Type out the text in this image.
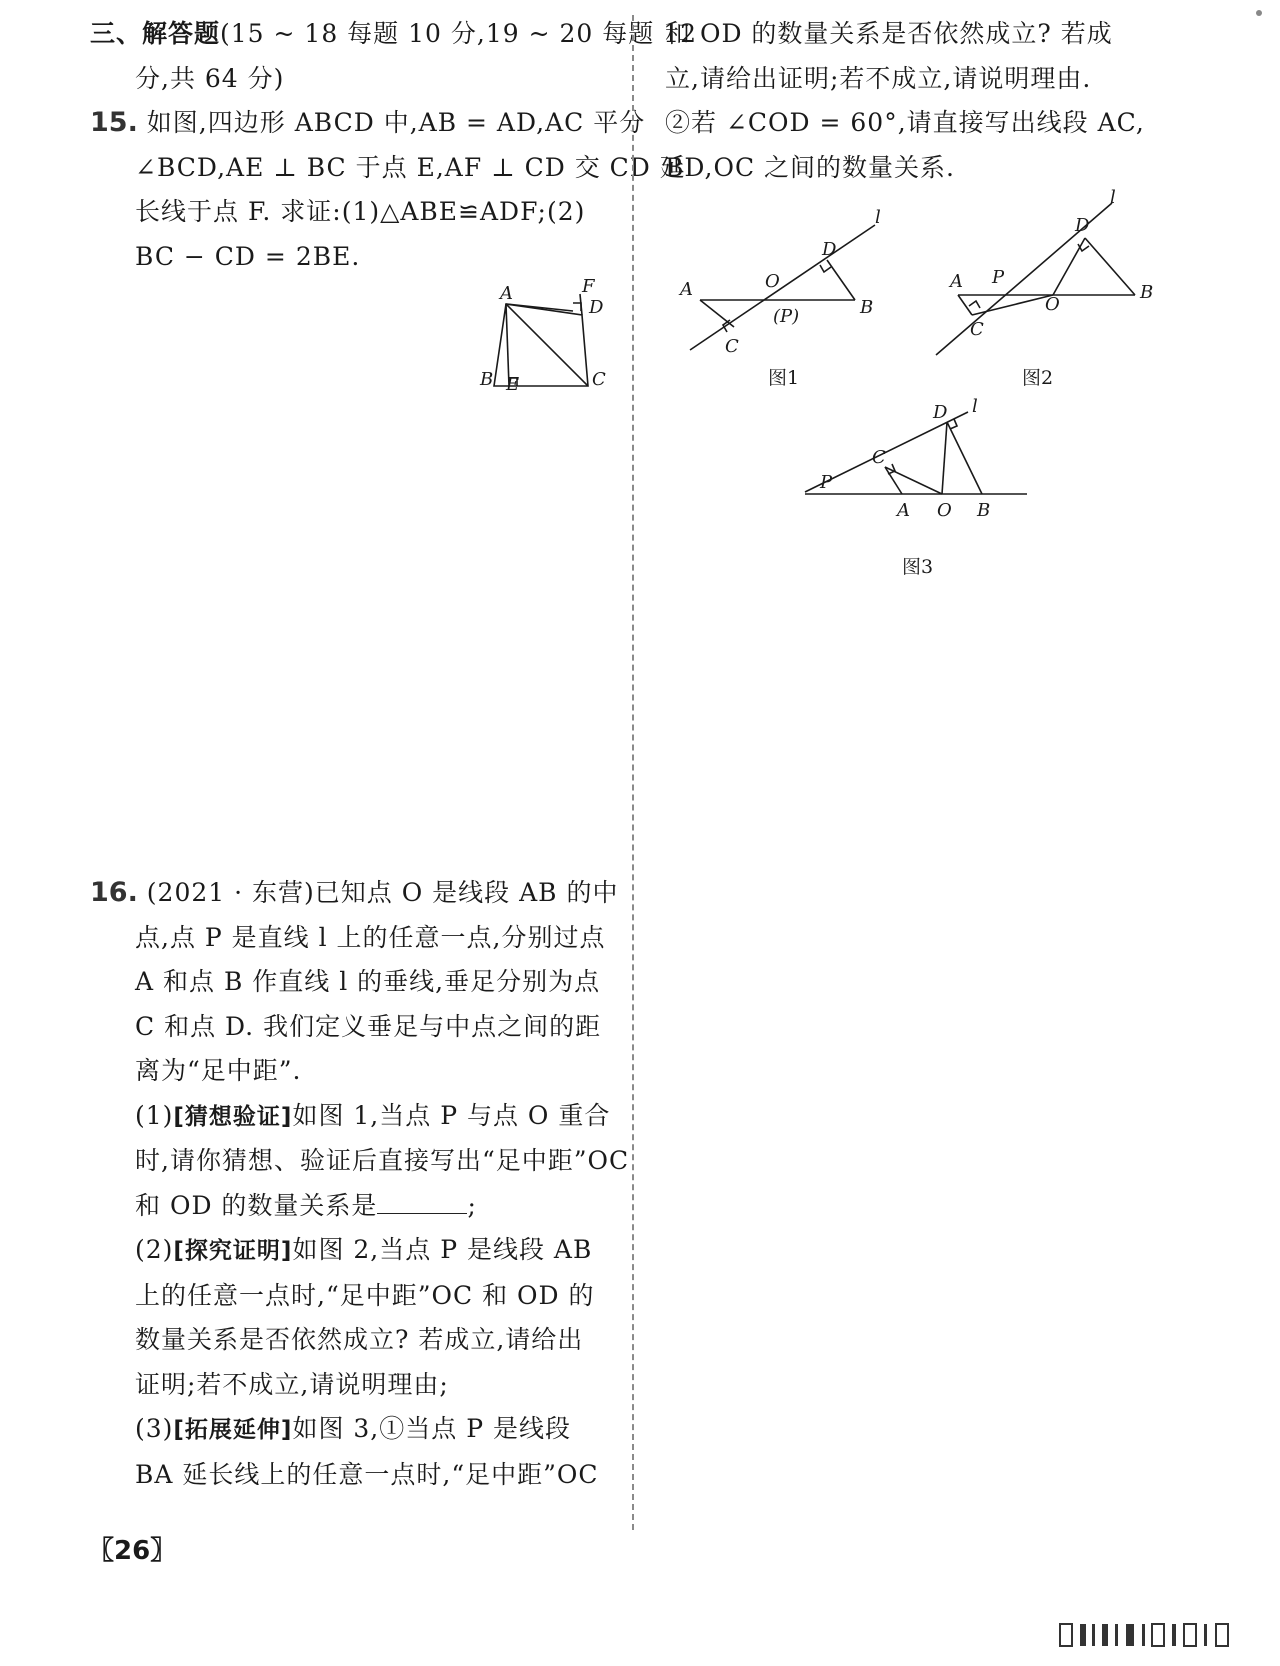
三、解答题(15 ~ 18 每题 10 分,19 ~ 20 每题 12

分,共 64 分)

15. 如图,四边形 ABCD 中,AB = AD,AC 平分

∠BCD,AE ⊥ BC 于点 E,AF ⊥ CD 交 CD 延

长线于点 F. 求证:(1)△ABE≌ADF;(2)

BC − CD = 2BE.

16. (2021 · 东营)已知点 O 是线段 AB 的中

点,点 P 是直线 l 上的任意一点,分别过点

A 和点 B 作直线 l 的垂线,垂足分别为点

C 和点 D. 我们定义垂足与中点之间的距

离为“足中距”.

(1)[猜想验证]如图 1,当点 P 与点 O 重合

时,请你猜想、验证后直接写出“足中距”OC

和 OD 的数量关系是	;

(2)[探究证明]如图 2,当点 P 是线段 AB

上的任意一点时,“足中距”OC 和 OD 的

数量关系是否依然成立? 若成立,请给出

证明;若不成立,请说明理由;

(3)[拓展延伸]如图 3,①当点 P 是线段

BA 延长线上的任意一点时,“足中距”OC

A	F
D
B E	C

和 OD 的数量关系是否依然成立? 若成

立,请给出证明;若不成立,请说明理由.

②若 ∠COD = 60°,请直接写出线段 AC,

BD,OC 之间的数量关系.

A	O
(P)	B
C
D
l
图1
A P
O
B
C
D
l
图2
P
C
D l
A O B
图3
〖26〗
